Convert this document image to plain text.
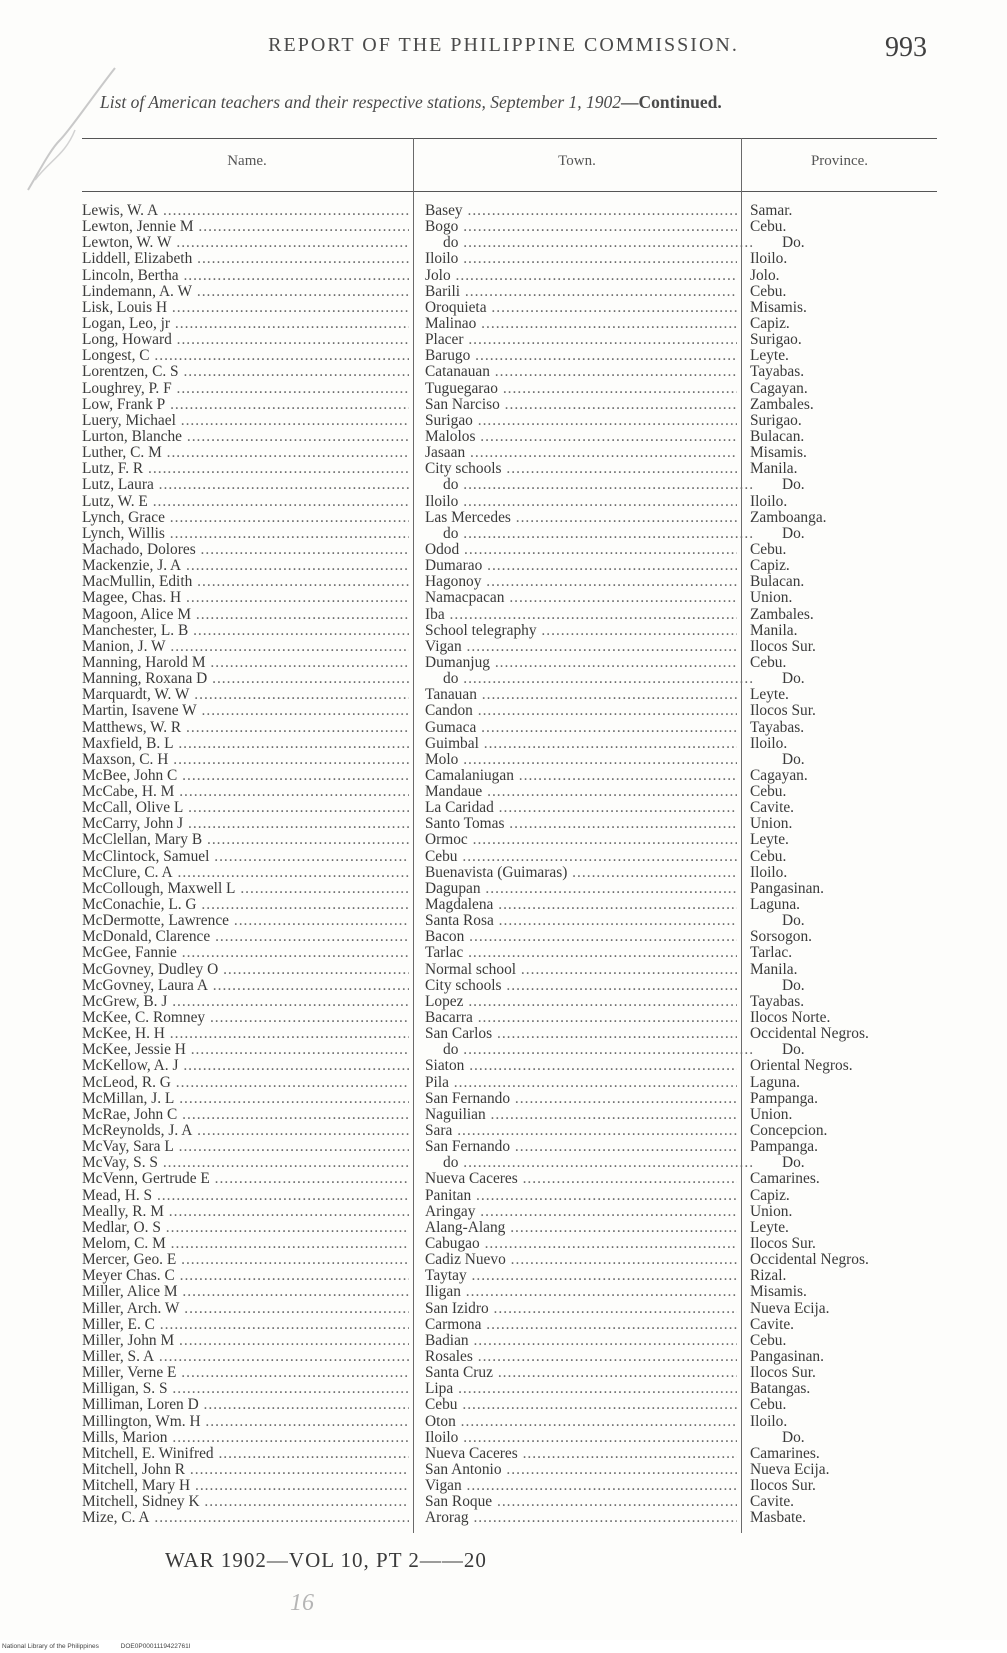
REPORT OF THE PHILIPPINE COMMISSION.	993
List of American teachers and their respective stations, September 1, 1902—Continued.
Name.	Town.	Province.
Lewis, W. A .....	Basey .....	Samar.
Lewton, Jennie M .....	Bogo .....	Cebu.
Lewton, W. W .....	do .....	Do.
Liddell, Elizabeth .....	Iloilo .....	Iloilo.
Lincoln, Bertha .....	Jolo .....	Jolo.
Lindemann, A. W .....	Barili .....	Cebu.
Lisk, Louis H .....	Oroquieta .....	Misamis.
Logan, Leo, jr .....	Malinao .....	Capiz.
Long, Howard .....	Placer .....	Surigao.
Longest, C .....	Barugo .....	Leyte.
Lorentzen, C. S .....	Catanauan .....	Tayabas.
Loughrey, P. F .....	Tuguegarao .....	Cagayan.
Low, Frank P .....	San Narciso .....	Zambales.
Luery, Michael .....	Surigao .....	Surigao.
Lurton, Blanche .....	Malolos .....	Bulacan.
Luther, C. M .....	Jasaan .....	Misamis.
Lutz, F. R .....	City schools .....	Manila.
Lutz, Laura .....	do .....	Do.
Lutz, W. E .....	Iloilo .....	Iloilo.
Lynch, Grace .....	Las Mercedes .....	Zamboanga.
Lynch, Willis .....	do .....	Do.
Machado, Dolores .....	Odod .....	Cebu.
Mackenzie, J. A .....	Dumarao .....	Capiz.
MacMullin, Edith .....	Hagonoy .....	Bulacan.
Magee, Chas. H .....	Namacpacan .....	Union.
Magoon, Alice M .....	Iba .....	Zambales.
Manchester, L. B .....	School telegraphy .....	Manila.
Manion, J. W .....	Vigan .....	Ilocos Sur.
Manning, Harold M .....	Dumanjug .....	Cebu.
Manning, Roxana D .....	do .....	Do.
Marquardt, W. W .....	Tanauan .....	Leyte.
Martin, Isavene W .....	Candon .....	Ilocos Sur.
Matthews, W. R .....	Gumaca .....	Tayabas.
Maxfield, B. L .....	Guimbal .....	Iloilo.
Maxson, C. H .....	Molo .....	Do.
McBee, John C .....	Camalaniugan .....	Cagayan.
McCabe, H. M .....	Mandaue .....	Cebu.
McCall, Olive L .....	La Caridad .....	Cavite.
McCarry, John J .....	Santo Tomas .....	Union.
McClellan, Mary B .....	Ormoc .....	Leyte.
McClintock, Samuel .....	Cebu .....	Cebu.
McClure, C. A .....	Buenavista (Guimaras) .....	Iloilo.
McCollough, Maxwell L .....	Dagupan .....	Pangasinan.
McConachie, L. G .....	Magdalena .....	Laguna.
McDermotte, Lawrence .....	Santa Rosa .....	Do.
McDonald, Clarence .....	Bacon .....	Sorsogon.
McGee, Fannie .....	Tarlac .....	Tarlac.
McGovney, Dudley O .....	Normal school .....	Manila.
McGovney, Laura A .....	City schools .....	Do.
McGrew, B. J .....	Lopez .....	Tayabas.
McKee, C. Romney .....	Bacarra .....	Ilocos Norte.
McKee, H. H .....	San Carlos .....	Occidental Negros.
McKee, Jessie H .....	do .....	Do.
McKellow, A. J .....	Siaton .....	Oriental Negros.
McLeod, R. G .....	Pila .....	Laguna.
McMillan, J. L .....	San Fernando .....	Pampanga.
McRae, John C .....	Naguilian .....	Union.
McReynolds, J. A .....	Sara .....	Concepcion.
McVay, Sara L .....	San Fernando .....	Pampanga.
McVay, S. S .....	do .....	Do.
McVenn, Gertrude E .....	Nueva Caceres .....	Camarines.
Mead, H. S .....	Panitan .....	Capiz.
Meally, R. M .....	Aringay .....	Union.
Medlar, O. S .....	Alang-Alang .....	Leyte.
Melom, C. M .....	Cabugao .....	Ilocos Sur.
Mercer, Geo. E .....	Cadiz Nuevo .....	Occidental Negros.
Meyer Chas. C .....	Taytay .....	Rizal.
Miller, Alice M .....	Iligan .....	Misamis.
Miller, Arch. W .....	San Izidro .....	Nueva Ecija.
Miller, E. C .....	Carmona .....	Cavite.
Miller, John M .....	Badian .....	Cebu.
Miller, S. A .....	Rosales .....	Pangasinan.
Miller, Verne E .....	Santa Cruz .....	Ilocos Sur.
Milligan, S. S .....	Lipa .....	Batangas.
Milliman, Loren D .....	Cebu .....	Cebu.
Millington, Wm. H .....	Oton .....	Iloilo.
Mills, Marion .....	Iloilo .....	Do.
Mitchell, E. Winifred .....	Nueva Caceres .....	Camarines.
Mitchell, John R .....	San Antonio .....	Nueva Ecija.
Mitchell, Mary H .....	Vigan .....	Ilocos Sur.
Mitchell, Sidney K .....	San Roque .....	Cavite.
Mize, C. A .....	Arorag .....	Masbate.
WAR 1902—VOL 10, PT 2——20
16
National Library of the Philippines	DOE0P0001119422761I
